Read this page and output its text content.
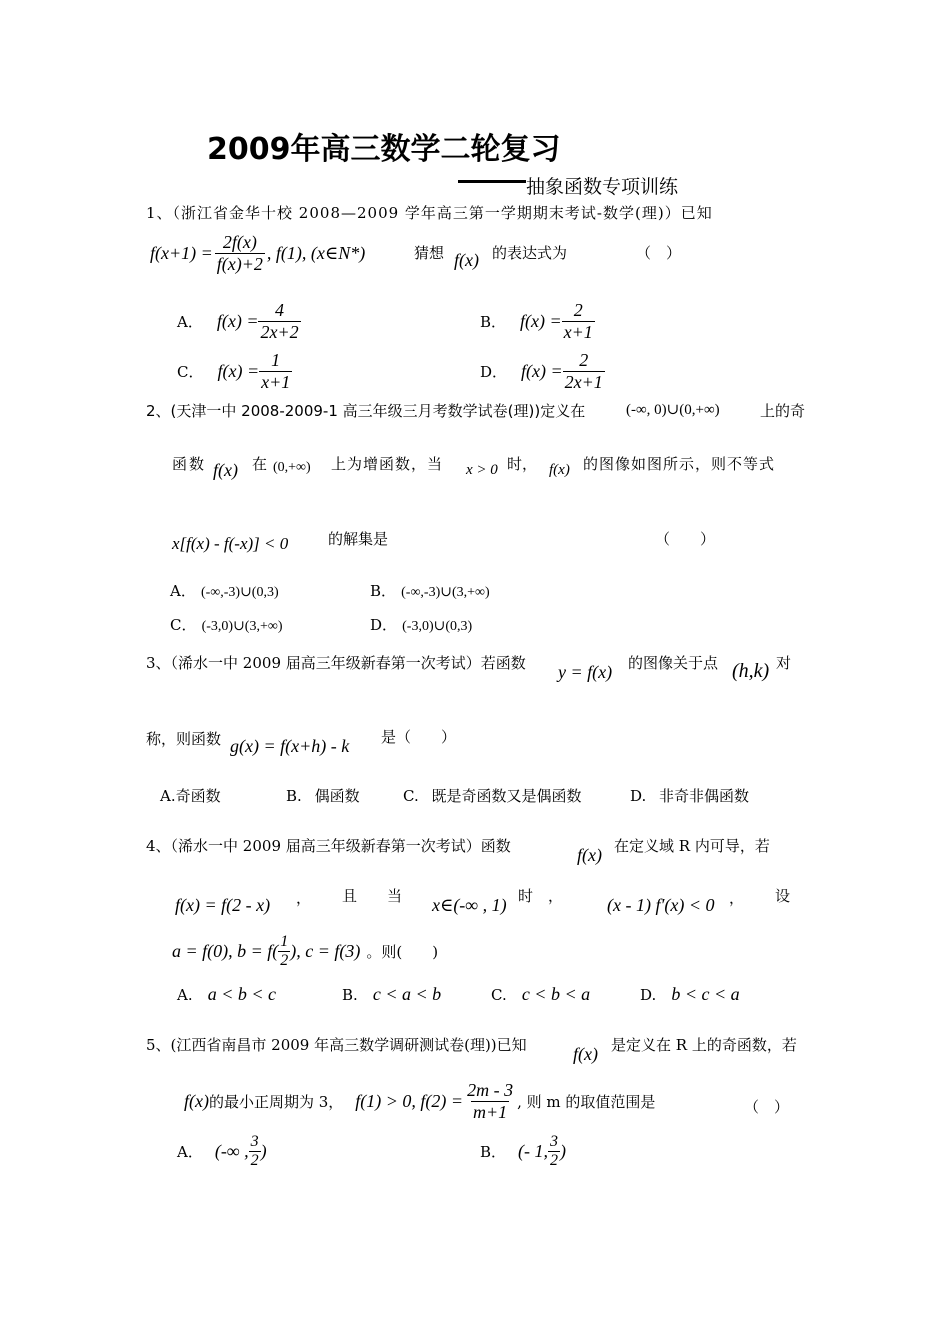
2009年高三数学二轮复习
抽象函数专项训练
1、（浙江省金华十校 2008—2009 学年高三第一学期期末考试-数学(理)）已知
$f(x+1) = \frac{2f(x)}{f(x)+2}$ , f(1), (x∈N*)	猜想 f(x) 的表达式为	（　）
A． $f(x) = \frac{4}{2x+2}$	B． $f(x) = \frac{2}{x+1}$
C． $f(x) = \frac{1}{x+1}$	D． $f(x) = \frac{2}{2x+1}$
2、(天津一中 2008-2009-1 高三年级三月考数学试卷(理))定义在	(-∞, 0)∪(0,+∞)	上的奇
函数 f(x) 在 (0,+∞) 上为增函数，当 x > 0 时， f(x) 的图像如图所示，则不等式
x[f(x) - f(-x)] < 0	的解集是	（　　）
A． (-∞,-3)∪(0,3)	B． (-∞,-3)∪(3,+∞)
C． (-3,0)∪(3,+∞)	D． (-3,0)∪(0,3)
3、（浠水一中 2009 届高三年级新春第一次考试）若函数 y = f(x) 的图像关于点 (h,k) 对
称，则函数 g(x) = f(x+h) - k 是（　　）
A.奇函数	B. 偶函数	C. 既是奇函数又是偶函数	D. 非奇非偶函数
4、（浠水一中 2009 届高三年级新春第一次考试）函数	f(x) 在定义域 R 内可导，若
f(x) = f(2 - x) ， 且　　当 x∈(-∞ , 1) 时　， (x - 1) f′(x) < 0 ， 设
a = f(0), $b = f( \frac{1}{2}$ ), c = f(3) 。则(　　)
A. a < b < c	B. c < a < b	C. c < b < a	D. b < c < a
5、(江西省南昌市 2009 年高三数学调研测试卷(理))已知	f(x) 是定义在 R 上的奇函数，若
f(x) 的最小正周期为 3， f(1) > 0, $f(2) = \frac{2m - 3}{m+1}$ , 则 m 的取值范围是	（　）
A． (-∞ , $\frac{3}{2}$ )	B． (- 1, $\frac{3}{2}$ )
